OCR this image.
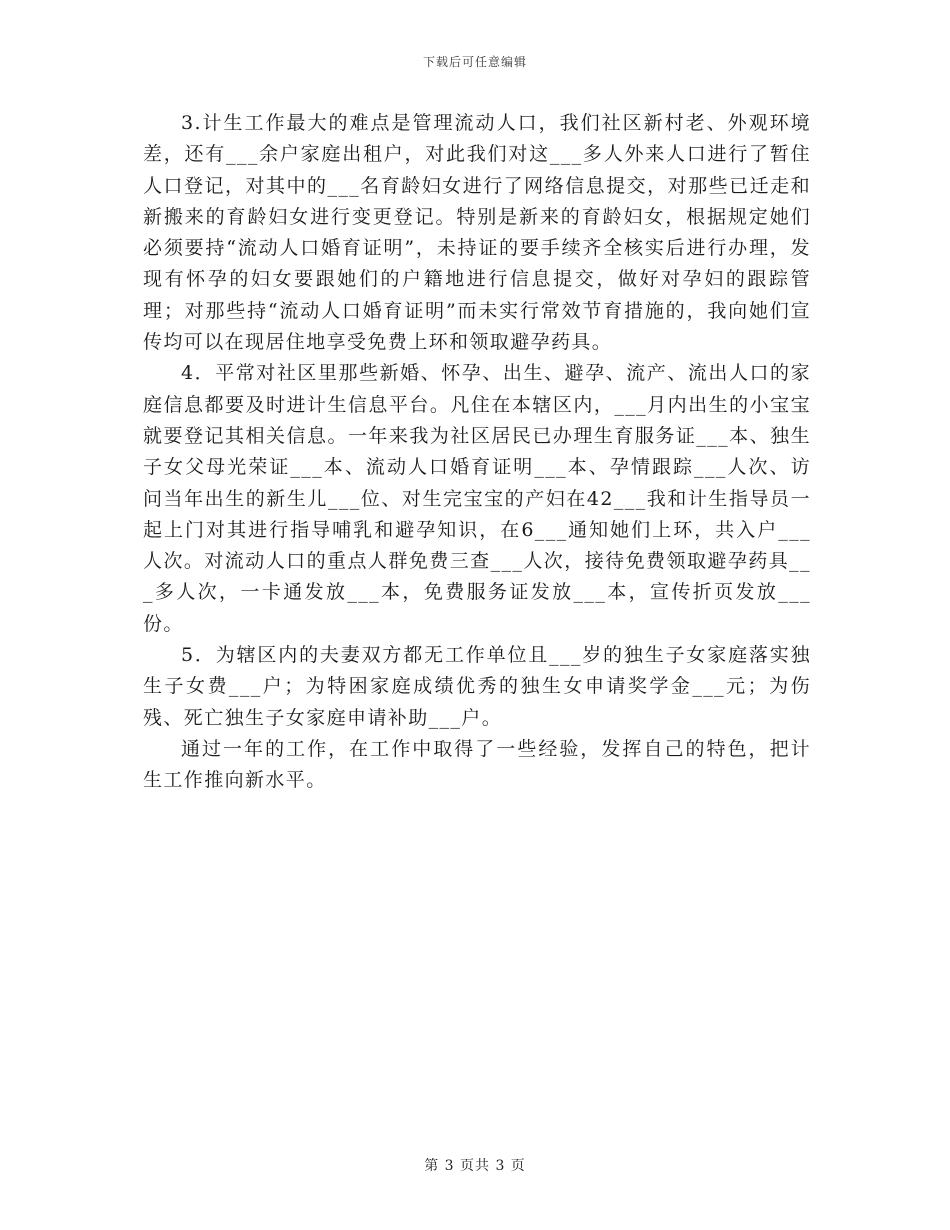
下载后可任意编辑

3.计生工作最大的难点是管理流动人口，我们社区新村老、外观环境差，还有___余户家庭出租户，对此我们对这___多人外来人口进行了暂住人口登记，对其中的___名育龄妇女进行了网络信息提交，对那些已迁走和新搬来的育龄妇女进行变更登记。特别是新来的育龄妇女，根据规定她们必须要持“流动人口婚育证明”，未持证的要手续齐全核实后进行办理，发现有怀孕的妇女要跟她们的户籍地进行信息提交，做好对孕妇的跟踪管理；对那些持“流动人口婚育证明”而未实行常效节育措施的，我向她们宣传均可以在现居住地享受免费上环和领取避孕药具。

4．平常对社区里那些新婚、怀孕、出生、避孕、流产、流出人口的家庭信息都要及时进计生信息平台。凡住在本辖区内，___月内出生的小宝宝就要登记其相关信息。一年来我为社区居民已办理生育服务证___本、独生子女父母光荣证___本、流动人口婚育证明___本、孕情跟踪___人次、访问当年出生的新生儿___位、对生完宝宝的产妇在42___我和计生指导员一起上门对其进行指导哺乳和避孕知识，在6___通知她们上环，共入户___人次。对流动人口的重点人群免费三查___人次，接待免费领取避孕药具___多人次，一卡通发放___本，免费服务证发放___本，宣传折页发放___份。

5．为辖区内的夫妻双方都无工作单位且___岁的独生子女家庭落实独生子女费___户；为特困家庭成绩优秀的独生女申请奖学金___元；为伤残、死亡独生子女家庭申请补助___户。

通过一年的工作，在工作中取得了一些经验，发挥自己的特色，把计生工作推向新水平。

第 3 页共 3 页
